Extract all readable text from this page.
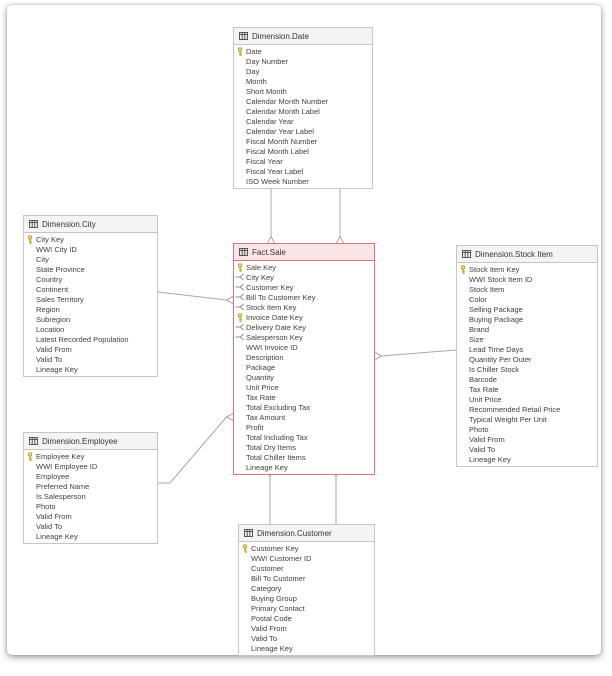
Dimension.Date
Date
Day Number
Day
Month
Short Month
Calendar Month Number
Calendar Month Label
Calendar Year
Calendar Year Label
Fiscal Month Number
Fiscal Month Label
Fiscal Year
Fiscal Year Label
ISO Week Number
Dimension.City
City Key
WWI City ID
City
State Province
Country
Continent
Sales Territory
Region
Subregion
Location
Latest Recorded Population
Valid From
Valid To
Lineage Key
Fact.Sale
Sale Key
City Key
Customer Key
Bill To Customer Key
Stock Item Key
Invoice Date Key
Delivery Date Key
Salesperson Key
WWI Invoice ID
Description
Package
Quantity
Unit Price
Tax Rate
Total Excluding Tax
Tax Amount
Profit
Total Including Tax
Total Dry Items
Total Chiller Items
Lineage Key
Dimension.Stock Item
Stock Item Key
WWI Stock Item ID
Stock Item
Color
Selling Package
Buying Package
Brand
Size
Lead Time Days
Quantity Per Outer
Is Chiller Stock
Barcode
Tax Rate
Unit Price
Recommended Retail Price
Typical Weight Per Unit
Photo
Valid From
Valid To
Lineage Key
Dimension.Employee
Employee Key
WWI Employee ID
Employee
Preferred Name
Is Salesperson
Photo
Valid From
Valid To
Lineage Key	Dimension.Customer
Customer Key
WWI Customer ID
Customer
Bill To Customer
Category
Buying Group
Primary Contact
Postal Code
Valid From
Valid To
Lineage Key
